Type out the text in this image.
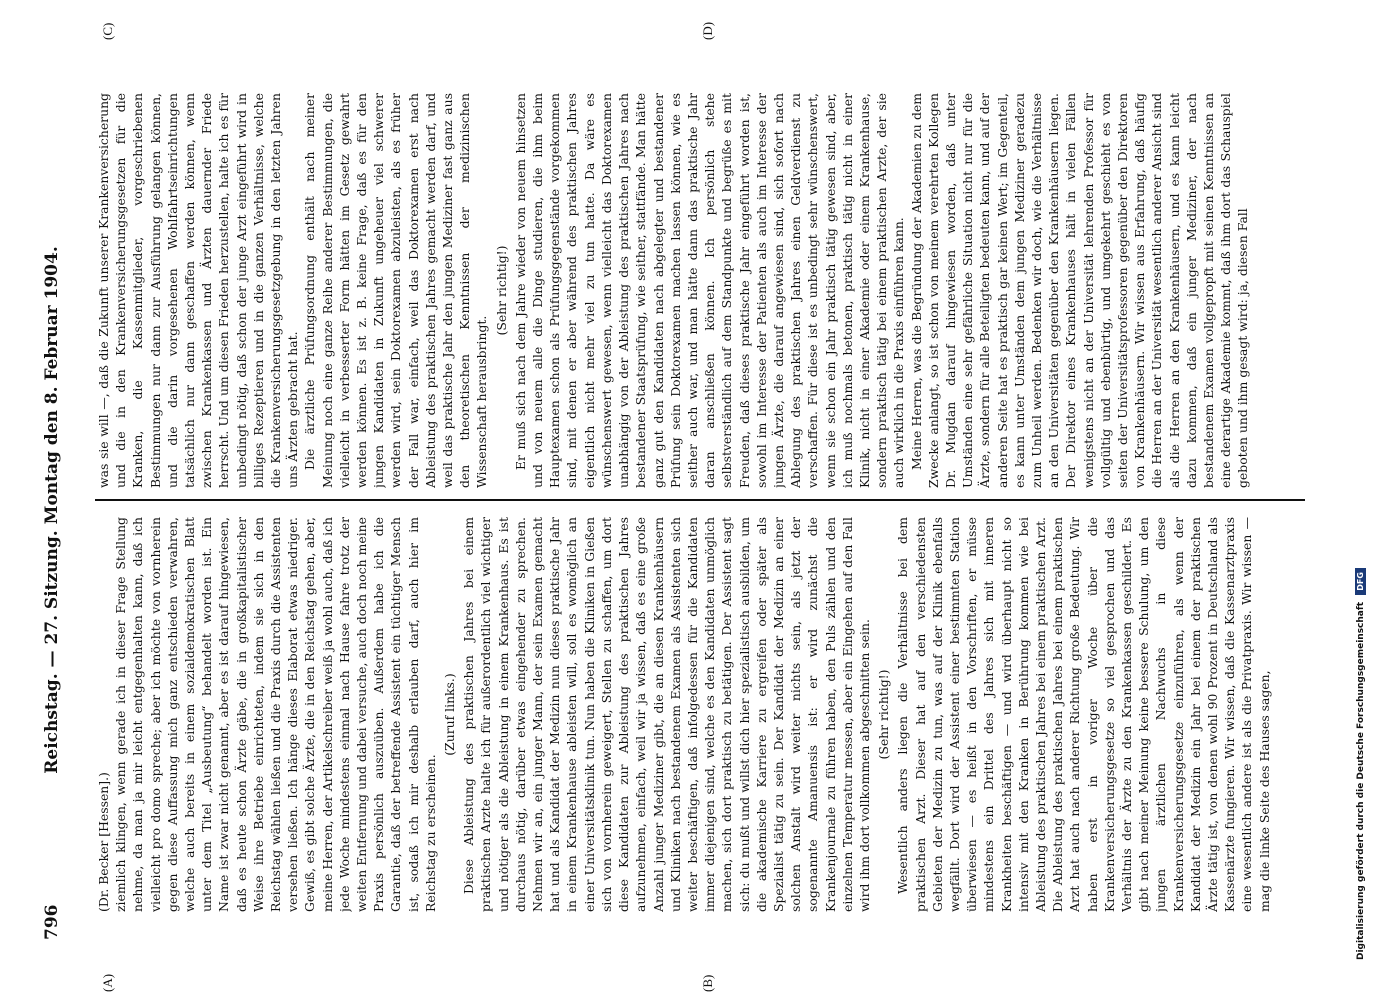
796
Reichstag. — 27. Sitzung. Montag den 8. Februar 1904.
(A)	(B)
(C)	(D)

(Dr. Becker [Hessen].) ziemlich klingen, wenn gerade ich in dieser Frage Stellung nehme, da man ja mir leicht entgegenhalten kann, daß ich vielleicht pro domo spreche; aber ich möchte von vornherein gegen diese Auffassung mich ganz entschieden verwahren, welche auch bereits in einem sozialdemokratischen Blatt unter dem Titel „Ausbeutung“ behandelt worden ist. Ein Name ist zwar nicht genannt, aber es ist darauf hingewiesen, daß es heute schon Ärzte gäbe, die in großkapitalistischer Weise ihre Betriebe einrichteten, indem sie sich in den Reichstag wählen ließen und die Praxis durch die Assistenten versehen ließen. Ich hänge dieses Elaborat etwas niedriger. Gewiß, es gibt solche Ärzte, die in den Reichstag gehen, aber, meine Herren, der Artikelschreiber weiß ja wohl auch, daß ich jede Woche mindestens einmal nach Hause fahre trotz der weiten Entfernung und dabei versuche, auch doch noch meine Praxis persönlich auszuüben. Außerdem habe ich die Garantie, daß der betreffende Assistent ein tüchtiger Mensch ist, sodaß ich mir deshalb erlauben darf, auch hier im Reichstag zu erscheinen.

(Zuruf links.) Diese Ableistung des praktischen Jahres bei einem praktischen Arzte halte ich für außerordentlich viel wichtiger und nötiger als die Ableistung in einem Krankenhaus. Es ist durchaus nötig, darüber etwas eingehender zu sprechen. Nehmen wir an, ein junger Mann, der sein Examen gemacht hat und als Kandidat der Medizin nun dieses praktische Jahr in einem Krankenhause ableisten will, soll es womöglich an einer Universitätsklinik tun. Nun haben die Kliniken in Gießen sich von vornherein geweigert, Stellen zu schaffen, um dort diese Kandidaten zur Ableistung des praktischen Jahres aufzunehmen, einfach, weil wir ja wissen, daß es eine große Anzahl junger Mediziner gibt, die an diesen Krankenhäusern und Kliniken nach bestandenem Examen als Assistenten sich weiter beschäftigen, daß infolgedessen für die Kandidaten immer diejenigen sind, welche es den Kandidaten unmöglich machen, sich dort praktisch zu betätigen. Der Assistent sagt sich: du mußt und willst dich hier spezialistisch ausbilden, um die akademische Karriere zu ergreifen oder später als Spezialist tätig zu sein. Der Kandidat der Medizin an einer solchen Anstalt wird weiter nichts sein, als jetzt der sogenannte Amanuensis ist: er wird zunächst die Krankenjournale zu führen haben, den Puls zählen und den einzelnen Temperatur messen, aber ein Eingehen auf den Fall wird ihm dort vollkommen abgeschnitten sein. (Sehr richtig!) Wesentlich anders liegen die Verhältnisse bei dem praktischen Arzt. Dieser hat auf den verschiedensten Gebieten der Medizin zu tun, was auf der Klinik ebenfalls wegfällt. Dort wird der Assistent einer bestimmten Station überwiesen — es heißt in den Vorschriften, er müsse mindestens ein Drittel des Jahres sich mit inneren Krankheiten beschäftigen — und wird überhaupt nicht so intensiv mit den Kranken in Berührung kommen wie bei Ableistung des praktischen Jahres bei einem praktischen Arzt. Die Ableistung des praktischen Jahres bei einem praktischen Arzt hat auch nach anderer Richtung große Bedeutung. Wir haben erst in voriger Woche über die Krankenversicherungsgesetze so viel gesprochen und das Verhältnis der Ärzte zu den Krankenkassen geschildert. Es gibt nach meiner Meinung keine bessere Schulung, um den jungen ärztlichen Nachwuchs in diese Krankenversicherungsgesetze einzuführen, als wenn der Kandidat der Medizin ein Jahr bei einem der praktischen Ärzte tätig ist, von denen wohl 90 Prozent in Deutschland als Kassenärzte fungieren. Wir wissen, daß die Kassenarztpraxis eine wesentlich andere ist als die Privatpraxis. Wir wissen — mag die linke Seite des Hauses sagen,

was sie will —, daß die Zukunft unserer Krankenversicherung und die in den Krankenversicherungsgesetzen für die Kranken, die Kassenmitglieder, vorgeschriebenen Bestimmungen nur dann zur Ausführung gelangen können, und die darin vorgesehenen Wohlfahrtseinrichtungen tatsächlich nur dann geschaffen werden können, wenn zwischen Krankenkassen und Ärzten dauernder Friede herrscht. Und um diesen Frieden herzustellen, halte ich es für unbedingt nötig, daß schon der junge Arzt eingeführt wird in billiges Rezeptieren und in die ganzen Verhältnisse, welche die Krankenversicherungsgesetzgebung in den letzten Jahren uns Ärzten gebracht hat. Die ärztliche Prüfungsordnung enthält nach meiner Meinung noch eine ganze Reihe anderer Bestimmungen, die vielleicht in verbesserter Form hätten im Gesetz gewahrt werden können. Es ist z. B. keine Frage, daß es für den jungen Kandidaten in Zukunft ungeheuer viel schwerer werden wird, sein Doktorexamen abzuleisten, als es früher der Fall war, einfach, weil das Doktorexamen erst nach Ableistung des praktischen Jahres gemacht werden darf, und weil das praktische Jahr den jungen Mediziner fast ganz aus den theoretischen Kenntnissen der medizinischen Wissenschaft herausbringt.

(Sehr richtig!) Er muß sich nach dem Jahre wieder von neuem hinsetzen und von neuem alle die Dinge studieren, die ihm beim Hauptexamen schon als Prüfungsgegenstände vorgekommen sind, mit denen er aber während des praktischen Jahres eigentlich nicht mehr viel zu tun hatte. Da wäre es wünschenswert gewesen, wenn vielleicht das Doktorexamen unabhängig von der Ableistung des praktischen Jahres nach bestandener Staatsprüfung, wie seither, stattfände. Man hätte ganz gut den Kandidaten nach abgelegter und bestandener Prüfung sein Doktorexamen machen lassen können, wie es seither auch war, und man hätte dann das praktische Jahr daran anschließen können. Ich persönlich stehe selbstverständlich auf dem Standpunkte und begrüße es mit Freuden, daß dieses praktische Jahr eingeführt worden ist, sowohl im Interesse der Patienten als auch im Interesse der jungen Ärzte, die darauf angewiesen sind, sich sofort nach Ablegung des praktischen Jahres einen Geldverdienst zu verschaffen. Für diese ist es unbedingt sehr wünschenswert, wenn sie schon ein Jahr praktisch tätig gewesen sind, aber, ich muß nochmals betonen, praktisch tätig nicht in einer Klinik, nicht in einer Akademie oder einem Krankenhause, sondern praktisch tätig bei einem praktischen Arzte, der sie auch wirklich in die Praxis einführen kann. Meine Herren, was die Begründung der Akademien zu dem Zwecke anlangt, so ist schon von meinem verehrten Kollegen Dr. Mugdan darauf hingewiesen worden, daß unter Umständen eine sehr gefährliche Situation nicht nur für die Ärzte, sondern für alle Beteiligten bedeuten kann, und auf der anderen Seite hat es praktisch gar keinen Wert; im Gegenteil, es kann unter Umständen dem jungen Mediziner geradezu zum Unheil werden. Bedenken wir doch, wie die Verhältnisse an den Universitäten gegenüber den Krankenhäusern liegen. Der Direktor eines Krankenhauses hält in vielen Fällen wenigstens nicht an der Universität lehrenden Professor für vollgültig und ebenbürtig, und umgekehrt geschieht es von seiten der Universitätsprofessoren gegenüber den Direktoren von Krankenhäusern. Wir wissen aus Erfahrung, daß häufig die Herren an der Universität wesentlich anderer Ansicht sind als die Herren an den Krankenhäusern, und es kann leicht dazu kommen, daß ein junger Mediziner, der nach bestandenem Examen vollgepropft mit seinen Kenntnissen an eine derartige Akademie kommt, daß ihm dort das Schauspiel geboten und ihm gesagt wird: ja, diesen Fall

Digitalisierung gefördert durch die Deutsche Forschungsgemeinschaft DFG
